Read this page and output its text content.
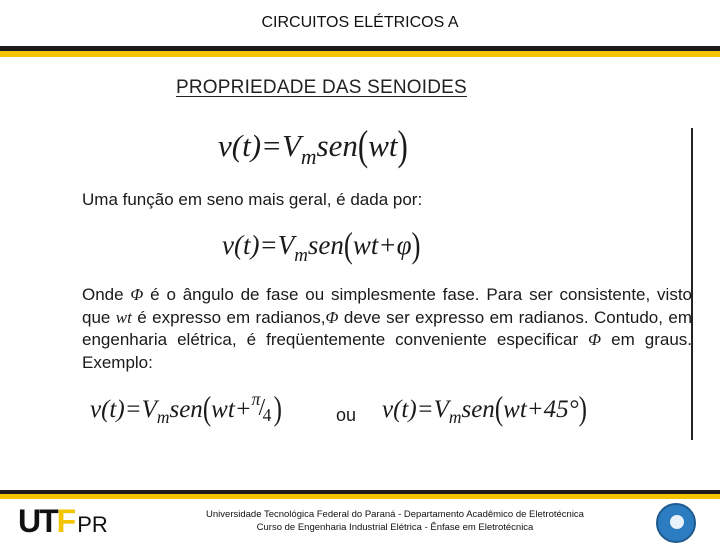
CIRCUITOS ELÉTRICOS A
PROPRIEDADE DAS SENOIDES
$v(t)=V_msen(wt)$
Uma função em seno mais geral, é dada por:
$v(t)=V_msen(wt+\varphi)$
Onde Φ é o ângulo de fase ou simplesmente fase. Para ser consistente, visto que wt é expresso em radianos,Φ deve ser expresso em radianos. Contudo, em engenharia elétrica, é freqüentemente conveniente especificar Φ em graus. Exemplo:
$v(t)=V_msen(wt+ \pi$
/
4 )	ou $v(t)=V_msen(wt+45^\circ)$
UTF PR	Universidade Tecnológica Federal do Paraná - Departamento Acadêmico de Eletrotécnica
Curso de Engenharia Industrial Elétrica - Ênfase em Eletrotécnica
